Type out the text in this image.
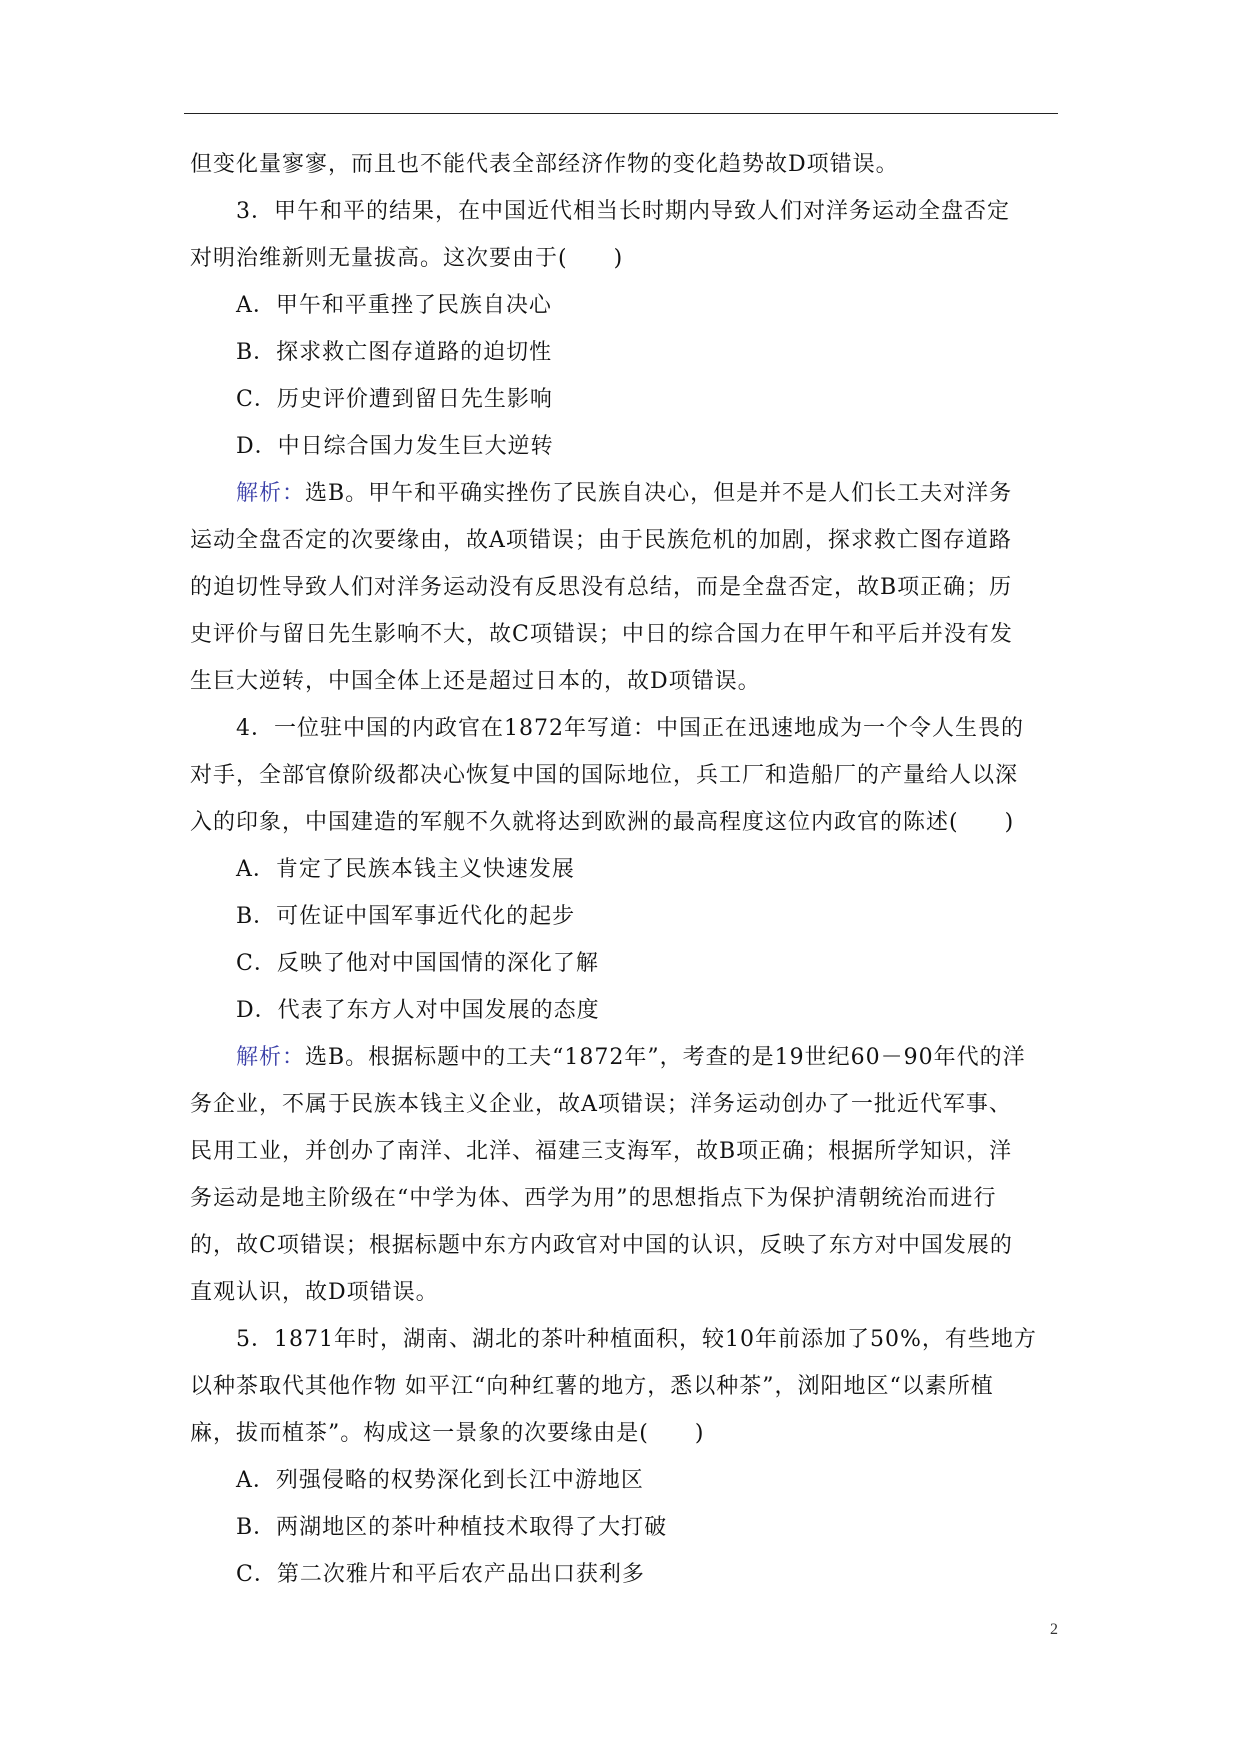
但变化量寥寥，而且也不能代表全部经济作物的变化趋势故D项错误。
3．甲午和平的结果，在中国近代相当长时期内导致人们对洋务运动全盘否定
对明治维新则无量拔高。这次要由于(　　)
A．甲午和平重挫了民族自决心
B．探求救亡图存道路的迫切性
C．历史评价遭到留日先生影响
D．中日综合国力发生巨大逆转
解析：选B。甲午和平确实挫伤了民族自决心，但是并不是人们长工夫对洋务
运动全盘否定的次要缘由，故A项错误；由于民族危机的加剧，探求救亡图存道路
的迫切性导致人们对洋务运动没有反思没有总结，而是全盘否定，故B项正确；历
史评价与留日先生影响不大，故C项错误；中日的综合国力在甲午和平后并没有发
生巨大逆转，中国全体上还是超过日本的，故D项错误。
4．一位驻中国的内政官在1872年写道：中国正在迅速地成为一个令人生畏的
对手，全部官僚阶级都决心恢复中国的国际地位，兵工厂和造船厂的产量给人以深
入的印象，中国建造的军舰不久就将达到欧洲的最高程度这位内政官的陈述(　　)
A．肯定了民族本钱主义快速发展
B．可佐证中国军事近代化的起步
C．反映了他对中国国情的深化了解
D．代表了东方人对中国发展的态度
解析：选B。根据标题中的工夫“1872年”，考查的是19世纪60－90年代的洋
务企业，不属于民族本钱主义企业，故A项错误；洋务运动创办了一批近代军事、
民用工业，并创办了南洋、北洋、福建三支海军，故B项正确；根据所学知识，洋
务运动是地主阶级在“中学为体、西学为用”的思想指点下为保护清朝统治而进行
的，故C项错误；根据标题中东方内政官对中国的认识，反映了东方对中国发展的
直观认识，故D项错误。
5．1871年时，湖南、湖北的茶叶种植面积，较10年前添加了50%，有些地方
以种茶取代其他作物 如平江“向种红薯的地方，悉以种茶”，浏阳地区“以素所植
麻，拔而植茶”。构成这一景象的次要缘由是(　　)
A．列强侵略的权势深化到长江中游地区
B．两湖地区的茶叶种植技术取得了大打破
C．第二次雅片和平后农产品出口获利多
2
